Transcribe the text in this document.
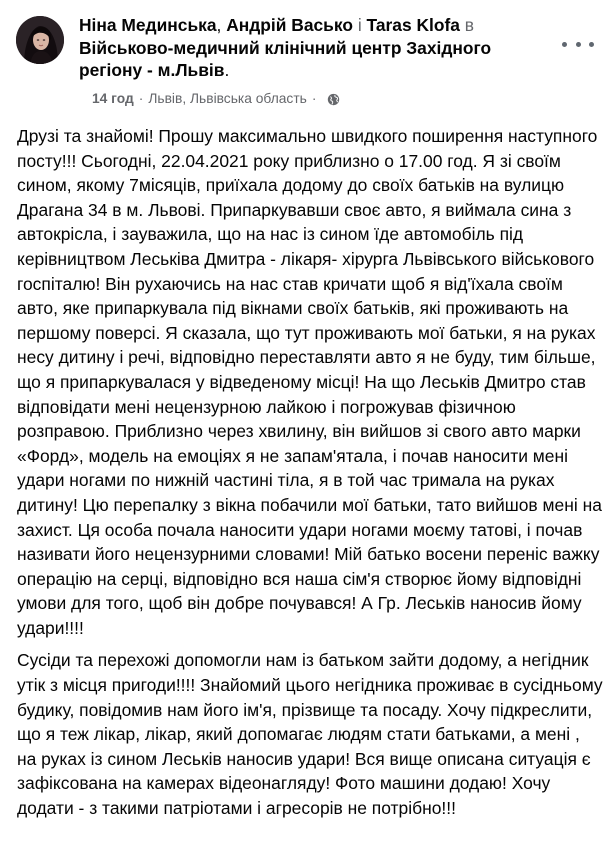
Ніна Мединська, Андрій Васько і Taras Klofa в Військово-медичний клінічний центр Західного регіону - м.Львів.
14 год · Львів, Львівська область ·

Друзі та знайомі! Прошу максимально швидкого поширення наступного посту!!! Сьогодні, 22.04.2021 року приблизно о 17.00 год. Я зі своїм сином, якому 7місяців, приїхала додому до своїх батьків на вулицю Драгана 34 в м. Львові. Припаркувавши своє авто, я виймала сина з автокрісла, і зауважила, що на нас із сином їде автомобіль під керівництвом Леськіва Дмитра - лікаря- хірурга Львівського військового госпіталю! Він рухаючись на нас став кричати щоб я від'їхала своїм авто, яке припаркувала під вікнами своїх батьків, які проживають на першому поверсі. Я сказала, що тут проживають мої батьки, я на руках несу дитину і речі, відповідно переставляти авто я не буду, тим більше, що я припаркувалася у відведеному місці! На що Леськів Дмитро став відповідати мені нецензурною лайкою і погрожував фізичною розправою. Приблизно через хвилину, він вийшов зі свого авто марки «Форд», модель на емоціях я не запам'ятала, і почав наносити мені удари ногами по нижній частині тіла, я в той час тримала на руках дитину! Цю перепалку з вікна побачили мої батьки, тато вийшов мені на захист. Ця особа почала наносити удари ногами моєму татові, і почав називати його нецензурними словами! Мій батько восени переніс важку операцію на серці, відповідно вся наша сім'я створює йому відповідні умови для того, щоб він добре почувався! А Гр. Леськів наносив йому удари!!!!

Сусіди та перехожі допомогли нам із батьком зайти додому, а негідник утік з місця пригоди!!!! Знайомий цього негідника проживає в сусідньому будику, повідомив нам його ім'я, прізвище та посаду. Хочу підкреслити, що я теж лікар, лікар, який допомагає людям стати батьками, а мені , на руках із сином Леськів наносив удари! Вся вище описана ситуація є зафіксована на камерах відеонагляду! Фото машини додаю! Хочу додати - з такими патріотами і агресорів не потрібно!!!
